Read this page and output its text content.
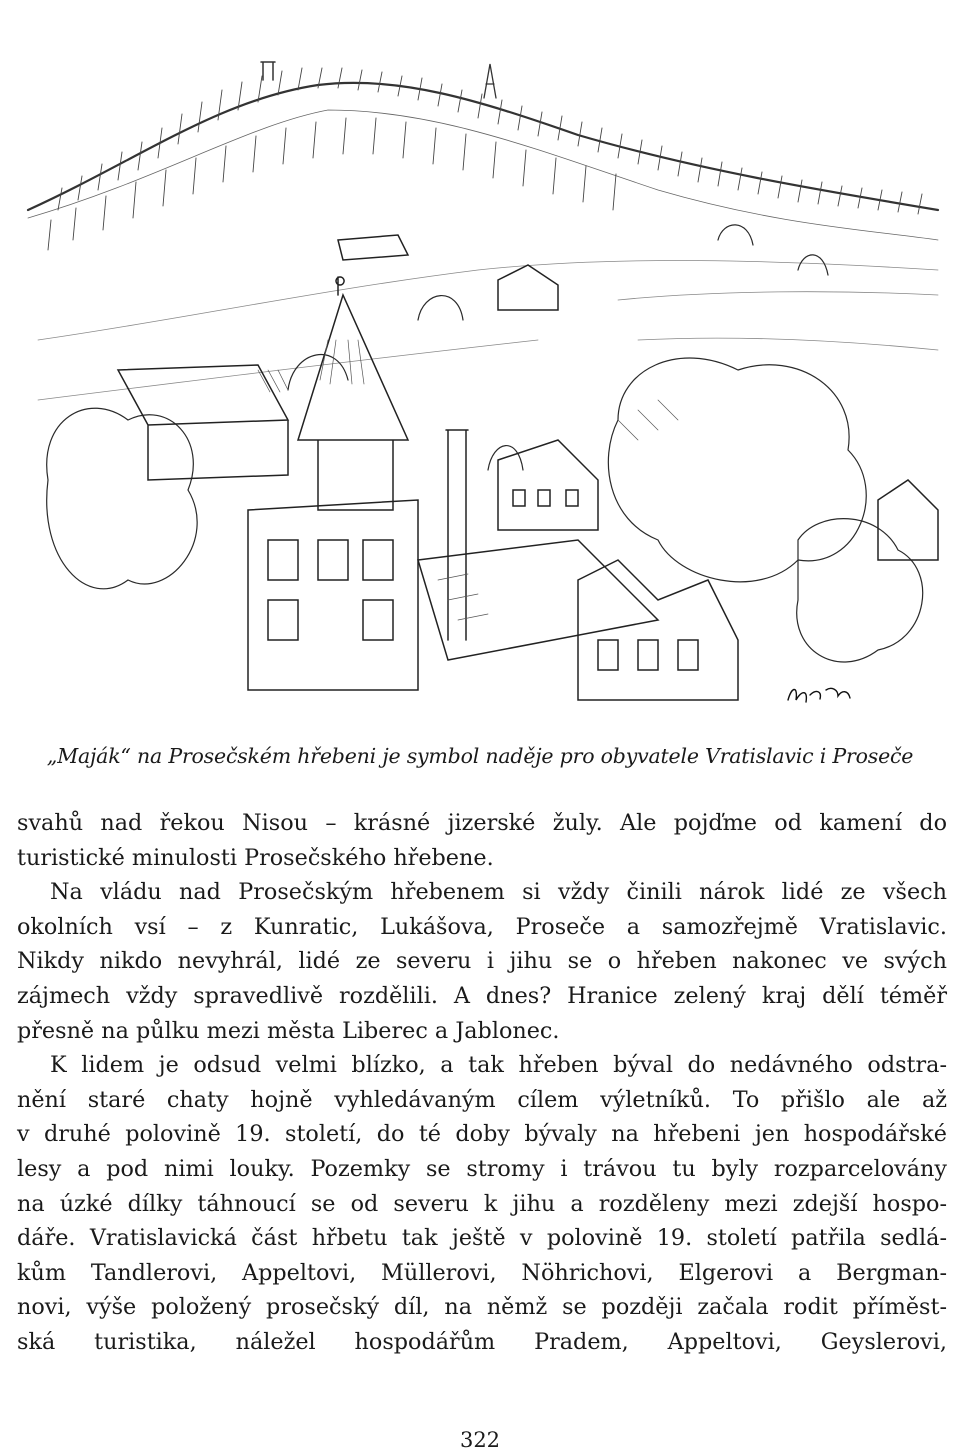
„Maják“ na Prosečském hřebeni je symbol naděje pro obyvatele Vratislavic i Proseče

svahů nad řekou Nisou – krásné jizerské žuly. Ale pojďme od kamení do
turistické minulosti Prosečského hřebene.

Na vládu nad Prosečským hřebenem si vždy činili nárok lidé ze všech
okolních vsí – z Kunratic, Lukášova, Proseče a samozřejmě Vratislavic.
Nikdy nikdo nevyhrál, lidé ze severu i jihu se o hřeben nakonec ve svých
zájmech vždy spravedlivě rozdělili. A dnes? Hranice zelený kraj dělí téměř
přesně na půlku mezi města Liberec a Jablonec.

K lidem je odsud velmi blízko, a tak hřeben býval do nedávného odstra-
nění staré chaty hojně vyhledávaným cílem výletníků. To přišlo ale až
v druhé polovině 19. století, do té doby bývaly na hřebeni jen hospodářské
lesy a pod nimi louky. Pozemky se stromy i trávou tu byly rozparcelovány
na úzké dílky táhnoucí se od severu k jihu a rozděleny mezi zdejší hospo-
dáře. Vratislavická část hřbetu tak ještě v polovině 19. století patřila sedlá-
kům Tandlerovi, Appeltovi, Müllerovi, Nöhrichovi, Elgerovi a Bergman-
novi, výše položený prosečský díl, na němž se později začala rodit příměst-
ská turistika, náležel hospodářům Pradem, Appeltovi, Geyslerovi,

322
